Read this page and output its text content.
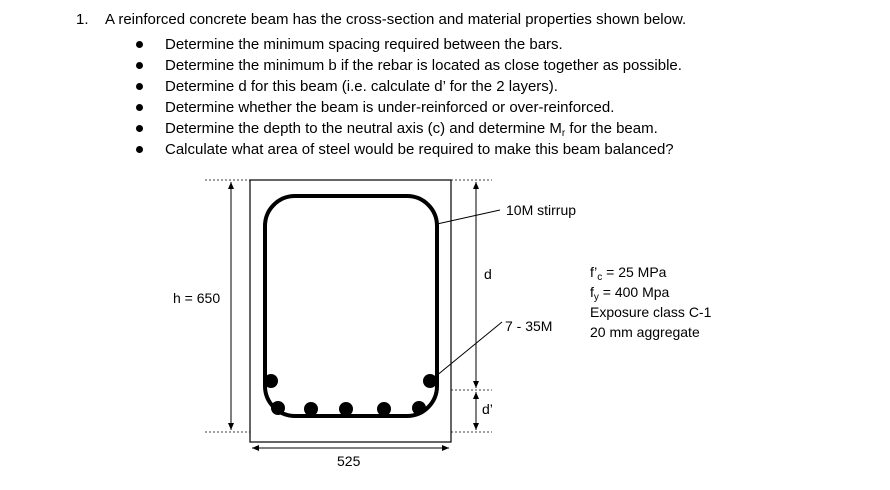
1. A reinforced concrete beam has the cross-section and material properties shown below.
Determine the minimum spacing required between the bars.
Determine the minimum b if the rebar is located as close together as possible.
Determine d for this beam (i.e. calculate d’ for the 2 layers).
Determine whether the beam is under-reinforced or over-reinforced.
Determine the depth to the neutral axis (c) and determine $M_r$ for the beam.
Calculate what area of steel would be required to make this beam balanced?
h = 650
525
d
d’
10M stirrup
7 - 35M
$f’_c = 25$ MPa
$f_y = 400$ Mpa
Exposure class C-1
20 mm aggregate
